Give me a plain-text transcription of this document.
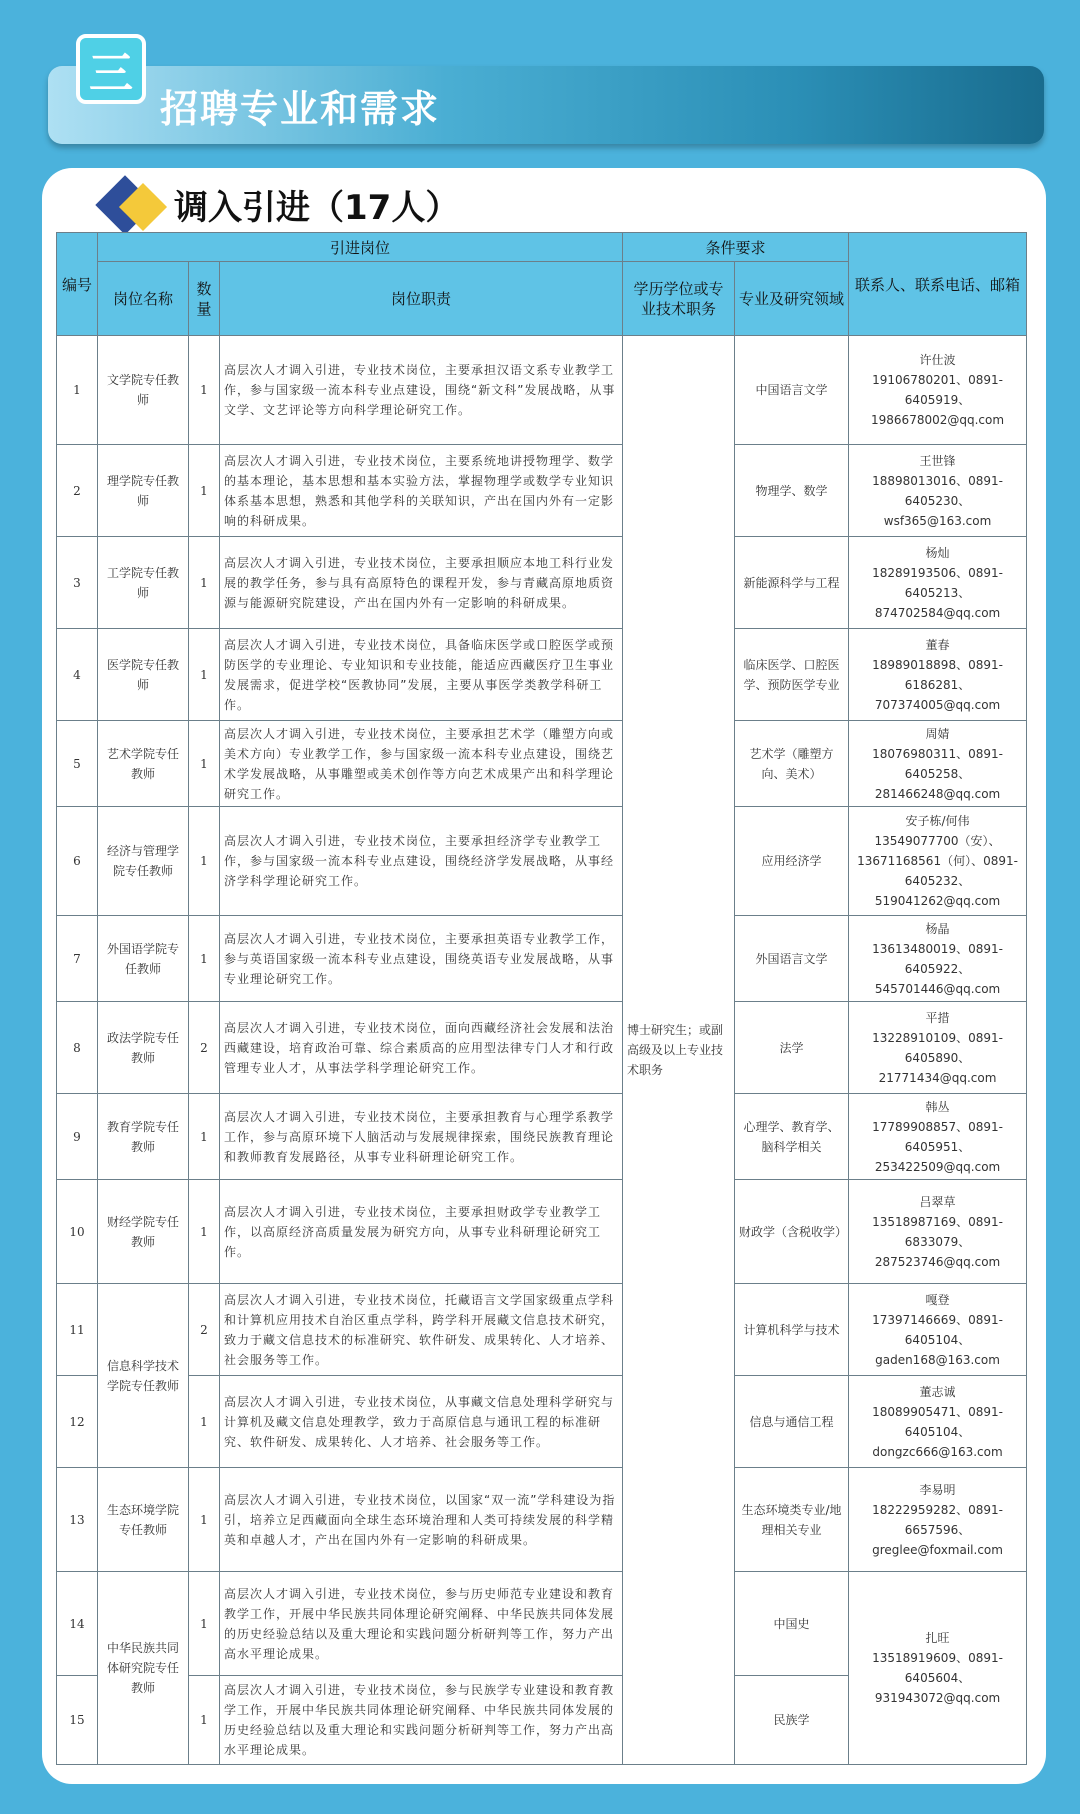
三
招聘专业和需求
调入引进（17人）
编号	引进岗位			条件要求		联系人、联系电话、邮箱
	岗位名称	数量	岗位职责	学历学位或专业技术职务	专业及研究领域	
1	文学院专任教师	1	高层次人才调入引进，专业技术岗位，主要承担汉语文系专业教学工作，参与国家级一流本科专业点建设，围绕“新文科”发展战略，从事文学、文艺评论等方向科学理论研究工作。	博士研究生；或副高级及以上专业技术职务	中国语言文学	许仕波
19106780201、0891-6405919、1986678002@qq.com
2	理学院专任教师	1	高层次人才调入引进，专业技术岗位，主要系统地讲授物理学、数学的基本理论，基本思想和基本实验方法，掌握物理学或数学专业知识体系基本思想，熟悉和其他学科的关联知识，产出在国内外有一定影响的科研成果。		物理学、数学	王世锋
18898013016、0891-6405230、wsf365@163.com
3	工学院专任教师	1	高层次人才调入引进，专业技术岗位，主要承担顺应本地工科行业发展的教学任务，参与具有高原特色的课程开发，参与青藏高原地质资源与能源研究院建设，产出在国内外有一定影响的科研成果。		新能源科学与工程	杨灿
18289193506、0891-6405213、874702584@qq.com
4	医学院专任教师	1	高层次人才调入引进，专业技术岗位，具备临床医学或口腔医学或预防医学的专业理论、专业知识和专业技能，能适应西藏医疗卫生事业发展需求，促进学校“医教协同”发展，主要从事医学类教学科研工作。		临床医学、口腔医学、预防医学专业	董春
18989018898、0891-6186281、707374005@qq.com
5	艺术学院专任教师	1	高层次人才调入引进，专业技术岗位，主要承担艺术学（雕塑方向或美术方向）专业教学工作，参与国家级一流本科专业点建设，围绕艺术学发展战略，从事雕塑或美术创作等方向艺术成果产出和科学理论研究工作。		艺术学（雕塑方向、美术）	周婧
18076980311、0891-6405258、281466248@qq.com
6	经济与管理学院专任教师	1	高层次人才调入引进，专业技术岗位，主要承担经济学专业教学工作，参与国家级一流本科专业点建设，围绕经济学发展战略，从事经济学科学理论研究工作。		应用经济学	安子栋/何伟
13549077700（安）、13671168561（何）、0891-6405232、519041262@qq.com
7	外国语学院专任教师	1	高层次人才调入引进，专业技术岗位，主要承担英语专业教学工作，参与英语国家级一流本科专业点建设，围绕英语专业发展战略，从事专业理论研究工作。		外国语言文学	杨晶
13613480019、0891-6405922、545701446@qq.com
8	政法学院专任教师	2	高层次人才调入引进，专业技术岗位，面向西藏经济社会发展和法治西藏建设，培育政治可靠、综合素质高的应用型法律专门人才和行政管理专业人才，从事法学科学理论研究工作。		法学	平措
13228910109、0891-6405890、21771434@qq.com
9	教育学院专任教师	1	高层次人才调入引进，专业技术岗位，主要承担教育与心理学系教学工作，参与高原环境下人脑活动与发展规律探索，围绕民族教育理论和教师教育发展路径，从事专业科研理论研究工作。		心理学、教育学、脑科学相关	韩丛
17789908857、0891-6405951、253422509@qq.com
10	财经学院专任教师	1	高层次人才调入引进，专业技术岗位，主要承担财政学专业教学工作，以高原经济高质量发展为研究方向，从事专业科研理论研究工作。		财政学（含税收学）	吕翠草
13518987169、0891-6833079、287523746@qq.com
11	信息科学技术学院专任教师	2	高层次人才调入引进，专业技术岗位，托藏语言文学国家级重点学科和计算机应用技术自治区重点学科，跨学科开展藏文信息技术研究，致力于藏文信息技术的标准研究、软件研发、成果转化、人才培养、社会服务等工作。		计算机科学与技术	嘎登
17397146669、0891-6405104、gaden168@163.com
12		1	高层次人才调入引进，专业技术岗位，从事藏文信息处理科学研究与计算机及藏文信息处理教学，致力于高原信息与通讯工程的标准研究、软件研发、成果转化、人才培养、社会服务等工作。		信息与通信工程	董志诚
18089905471、0891-6405104、dongzc666@163.com
13	生态环境学院专任教师	1	高层次人才调入引进，专业技术岗位，以国家“双一流”学科建设为指引，培养立足西藏面向全球生态环境治理和人类可持续发展的科学精英和卓越人才，产出在国内外有一定影响的科研成果。		生态环境类专业/地理相关专业	李易明
18222959282、0891-6657596、greglee@foxmail.com
14	中华民族共同体研究院专任教师	1	高层次人才调入引进，专业技术岗位，参与历史师范专业建设和教育教学工作，开展中华民族共同体理论研究阐释、中华民族共同体发展的历史经验总结以及重大理论和实践问题分析研判等工作，努力产出高水平理论成果。		中国史	扎旺
13518919609、0891-6405604、931943072@qq.com
15		1	高层次人才调入引进，专业技术岗位，参与民族学专业建设和教育教学工作，开展中华民族共同体理论研究阐释、中华民族共同体发展的历史经验总结以及重大理论和实践问题分析研判等工作，努力产出高水平理论成果。		民族学	
